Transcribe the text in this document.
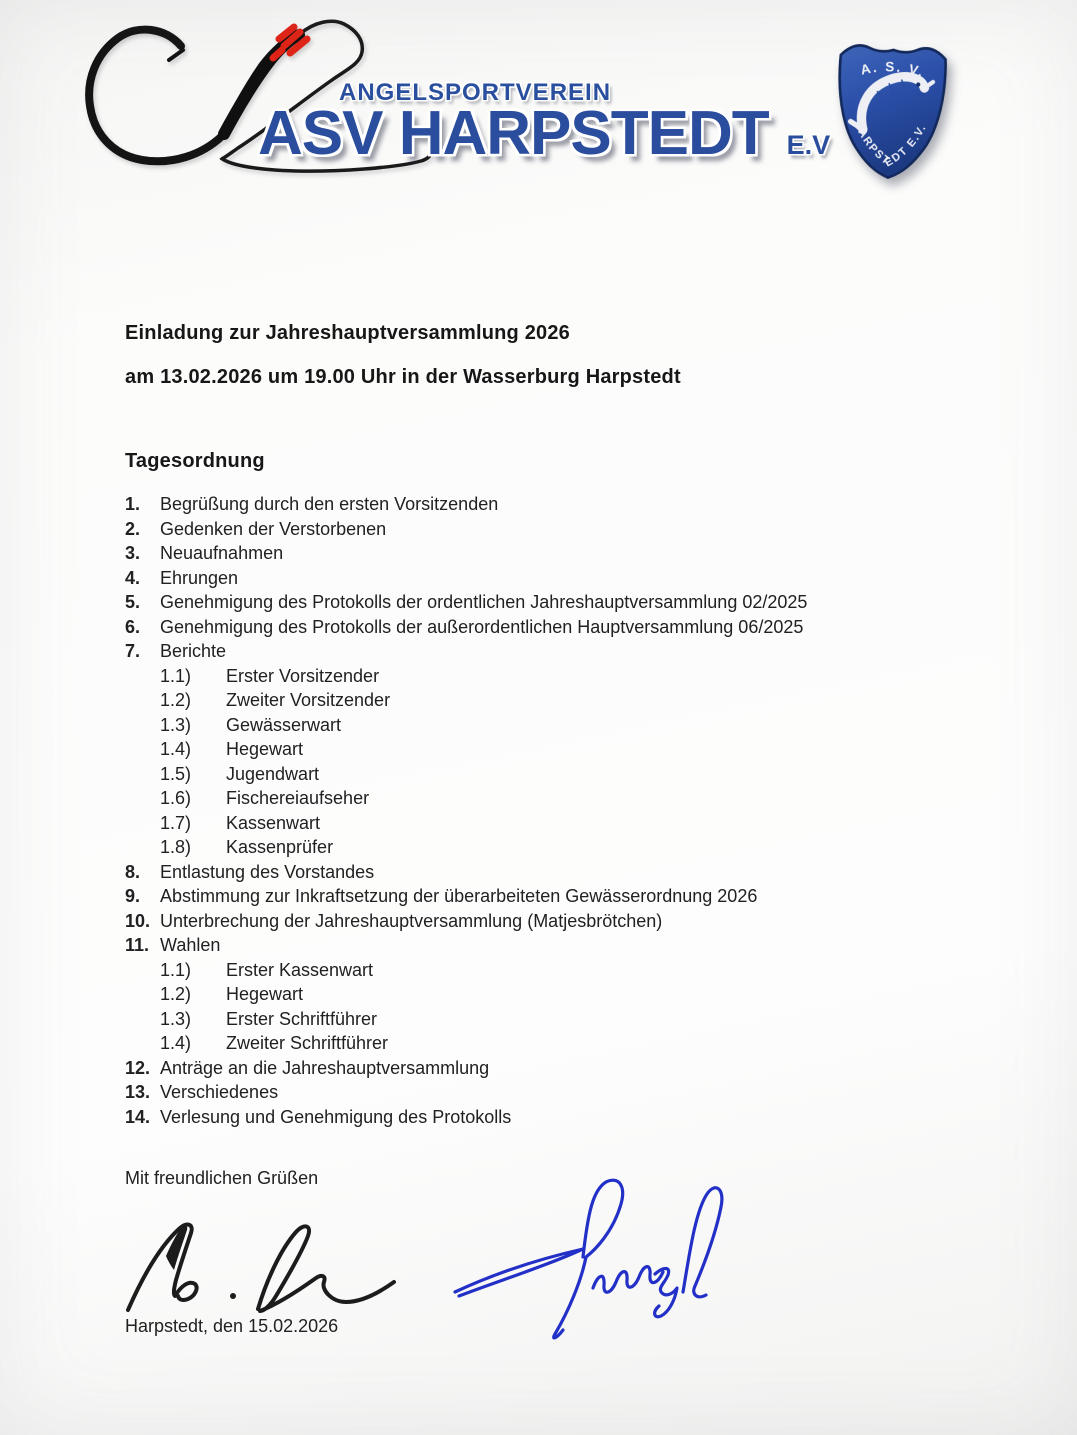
ANGELSPORTVEREIN
ASV HARPSTEDT E.V
A. S. V.
HARPSTEDT E.V.
Einladung zur Jahreshauptversammlung 2026
am 13.02.2026 um 19.00 Uhr in der Wasserburg Harpstedt
Tagesordnung
1.	Begrüßung durch den ersten Vorsitzenden
2.	Gedenken der Verstorbenen
3.	Neuaufnahmen
4.	Ehrungen
5.	Genehmigung des Protokolls der ordentlichen Jahreshauptversammlung 02/2025
6.	Genehmigung des Protokolls der außerordentlichen Hauptversammlung 06/2025
7.	Berichte
1.1)	Erster Vorsitzender
1.2)	Zweiter Vorsitzender
1.3)	Gewässerwart
1.4)	Hegewart
1.5)	Jugendwart
1.6)	Fischereiaufseher
1.7)	Kassenwart
1.8)	Kassenprüfer
8.	Entlastung des Vorstandes
9.	Abstimmung zur Inkraftsetzung der überarbeiteten Gewässerordnung 2026
10. Unterbrechung der Jahreshauptversammlung (Matjesbrötchen)
11. Wahlen
1.1)	Erster Kassenwart
1.2)	Hegewart
1.3)	Erster Schriftführer
1.4)	Zweiter Schriftführer
12. Anträge an die Jahreshauptversammlung
13. Verschiedenes
14. Verlesung und Genehmigung des Protokolls
Mit freundlichen Grüßen
Harpstedt, den 15.02.2026
